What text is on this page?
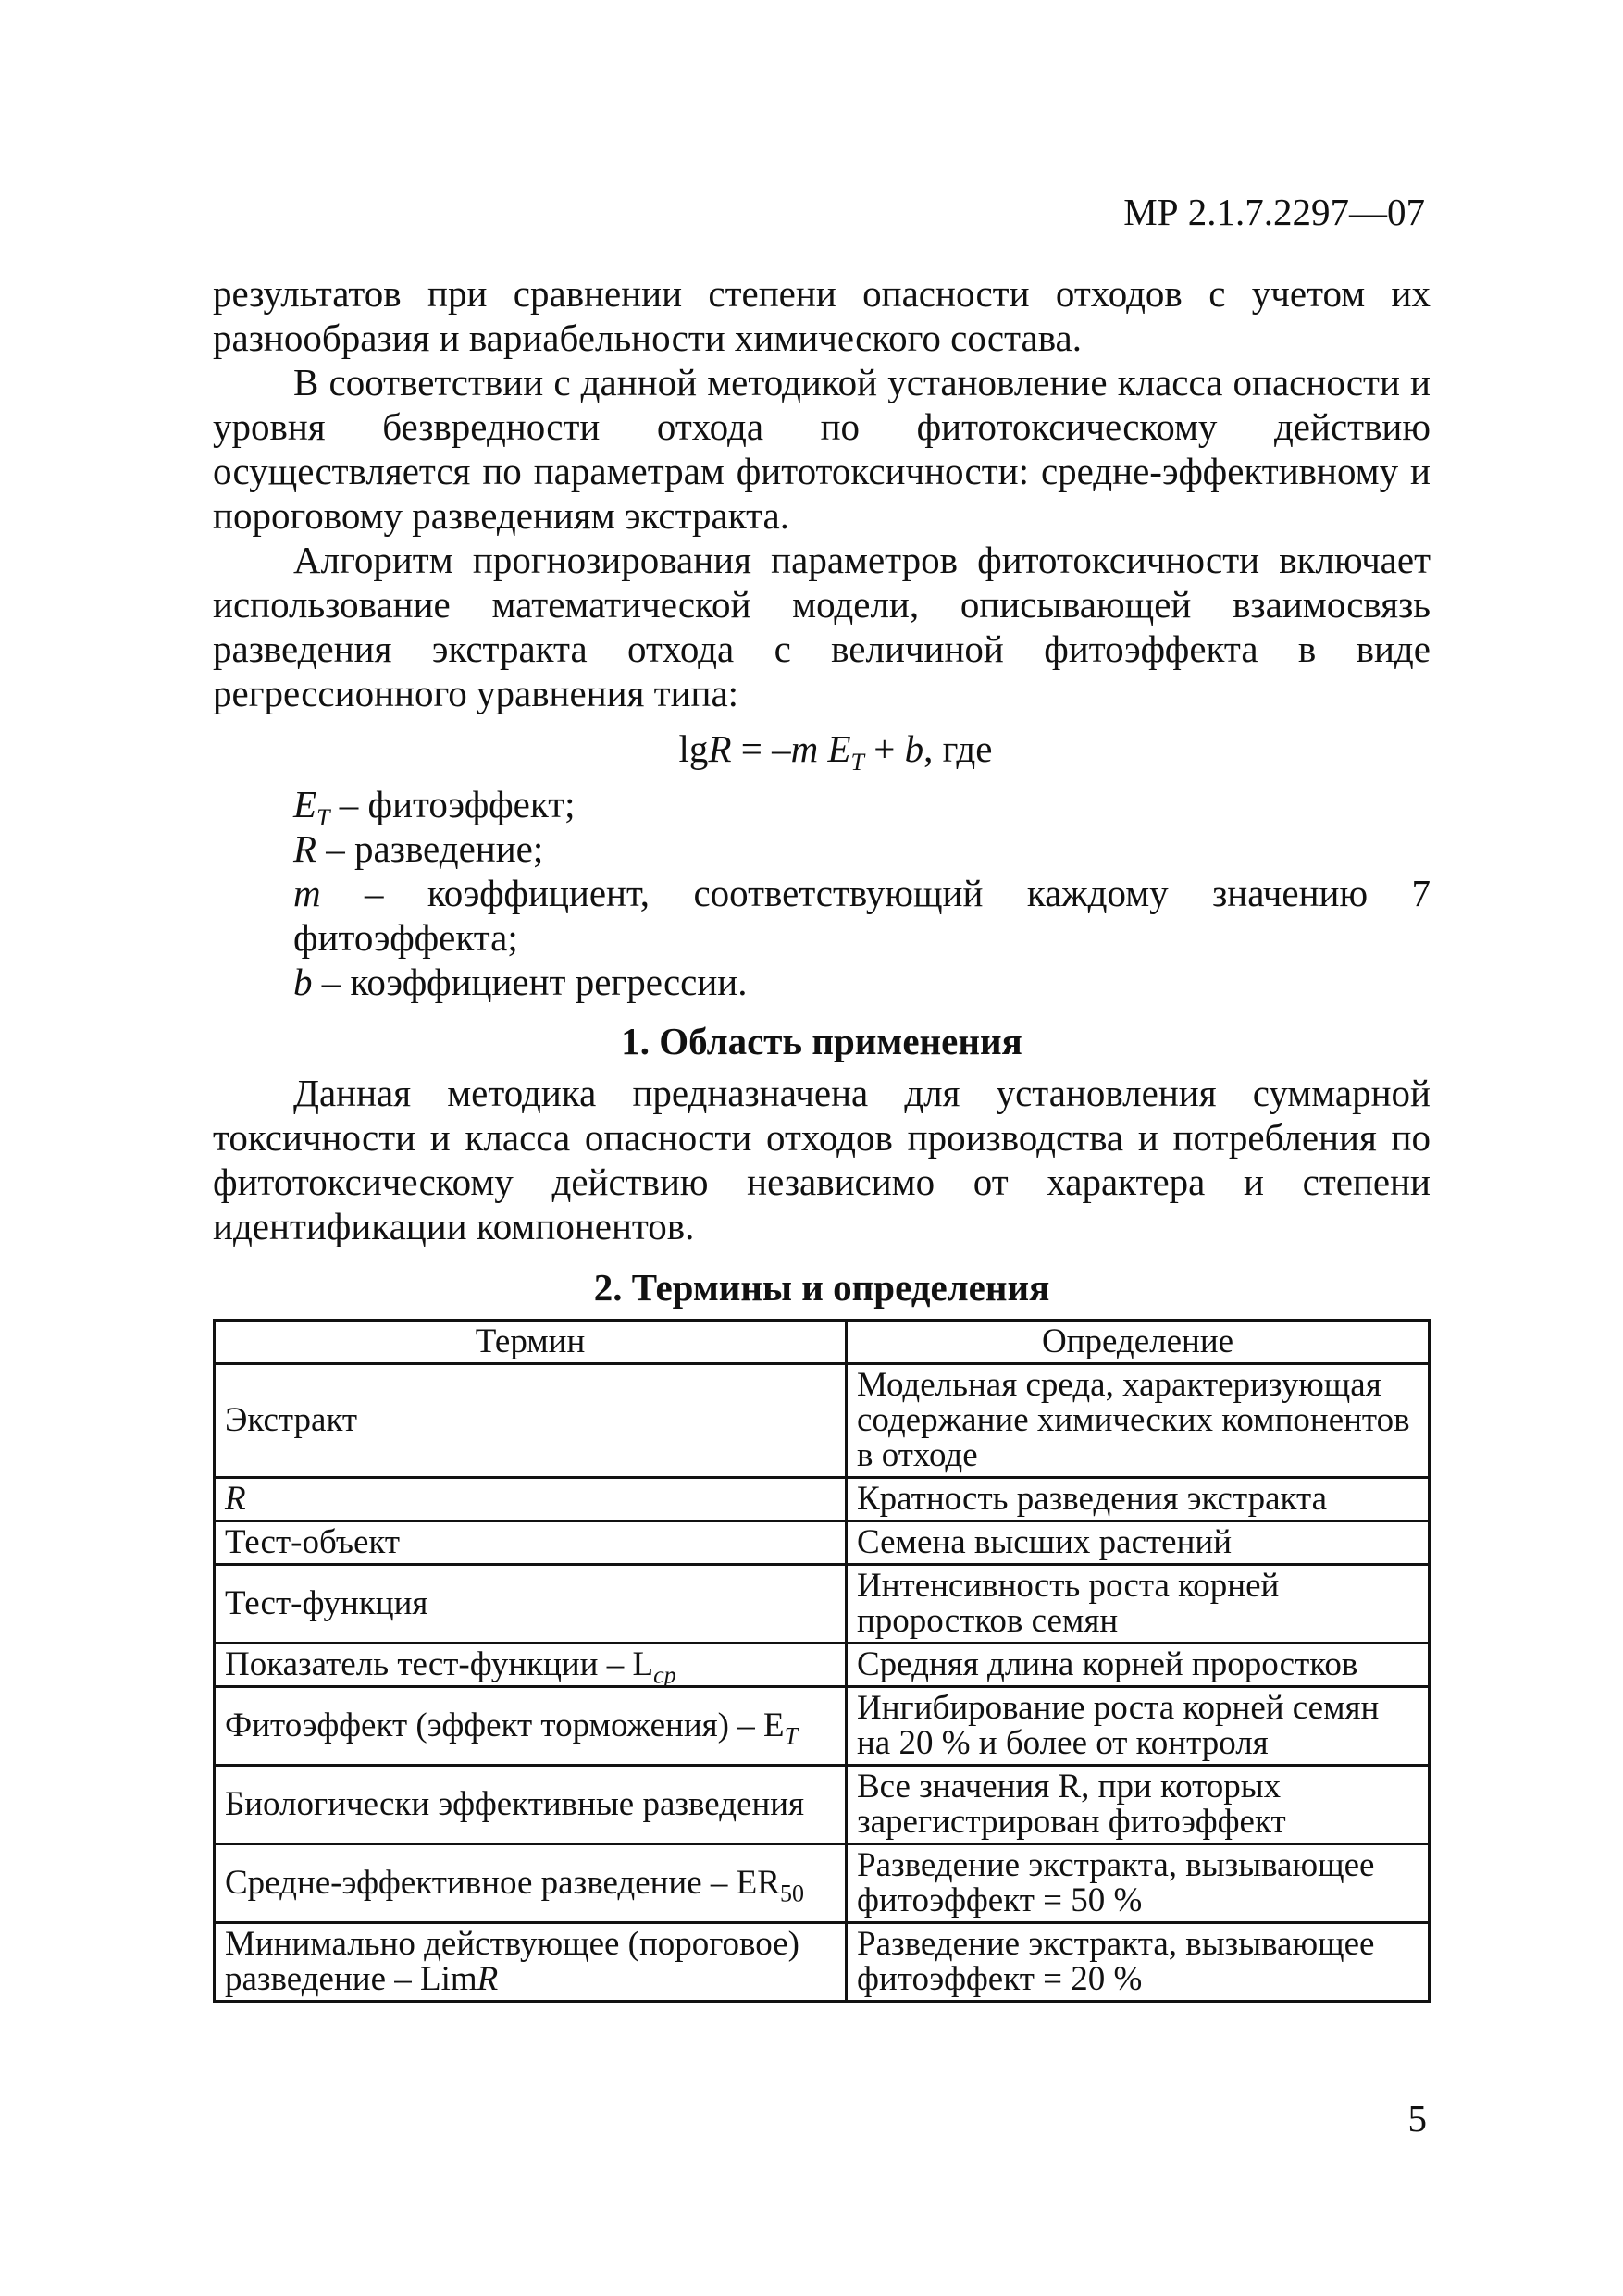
МР 2.1.7.2297—07

результатов при сравнении степени опасности отходов с учетом их разнообразия и вариабельности химического состава.

В соответствии с данной методикой установление класса опасности и уровня безвредности отхода по фитотоксическому действию осуществляется по параметрам фитотоксичности: средне-эффективному и пороговому разведениям экстракта.

Алгоритм прогнозирования параметров фитотоксичности включает использование математической модели, описывающей взаимосвязь разведения экстракта отхода с величиной фитоэффекта в виде регрессионного уравнения типа:

lgR = –m $E_T + b$, где

$E_T$ – фитоэффект;

R – разведение;

m – коэффициент, соответствующий каждому значению 7 фитоэффекта;

b – коэффициент регрессии.

1. Область применения

Данная методика предназначена для установления суммарной токсичности и класса опасности отходов производства и потребления по фитотоксическому действию независимо от характера и степени идентификации компонентов.

2. Термины и определения
Термин	Определение
Экстракт	Модельная среда, характеризующая содержание химических компонентов в отходе
R	Кратность разведения экстракта
Тест-объект	Семена высших растений
Тест-функция	Интенсивность роста корней проростков семян
Показатель тест-функции – $L_{ср}$	Средняя длина корней проростков
Фитоэффект (эффект торможения) – $E_T$	Ингибирование роста корней семян на 20 % и более от контроля
Биологически эффективные разведения	Все значения R, при которых зарегистрирован фитоэффект
Средне-эффективное разведение – $ER_{50}$	Разведение экстракта, вызывающее фитоэффект = 50 %
Минимально действующее (пороговое) разведение – LimR	Разведение экстракта, вызывающее фитоэффект = 20 %
5
